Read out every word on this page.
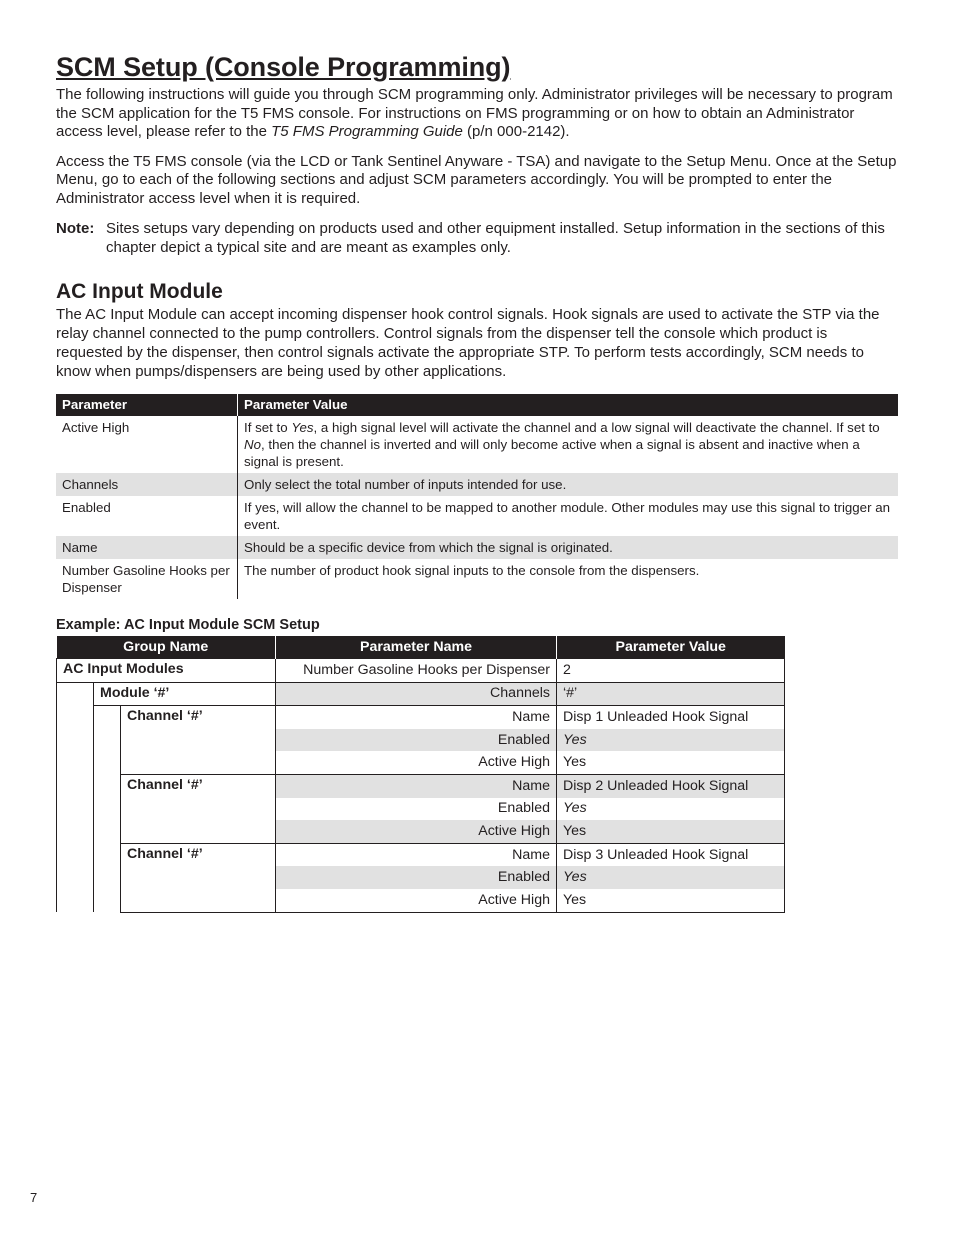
SCM Setup (Console Programming)

The following instructions will guide you through SCM programming only. Administrator privileges will be necessary to program the SCM application for the T5 FMS console. For instructions on FMS programming or on how to obtain an Administrator access level, please refer to the T5 FMS Programming Guide (p/n 000-2142).

Access the T5 FMS console (via the LCD or Tank Sentinel Anyware - TSA) and navigate to the Setup Menu. Once at the Setup Menu, go to each of the following sections and adjust SCM parameters accordingly. You will be prompted to enter the Administrator access level when it is required.

Note: Sites setups vary depending on products used and other equipment installed. Setup information in the sections of this chapter depict a typical site and are meant as examples only.
AC Input Module

The AC Input Module can accept incoming dispenser hook control signals. Hook signals are used to activate the STP via the relay channel connected to the pump controllers. Control signals from the dispenser tell the console which product is requested by the dispenser, then control signals activate the appropriate STP. To perform tests accordingly, SCM needs to know when pumps/dispensers are being used by other applications.

Parameter	Parameter Value
Active High	If set to Yes, a high signal level will activate the channel and a low signal will deactivate the channel. If set to No, then the channel is inverted and will only become active when a signal is absent and inactive when a signal is present.
Channels	Only select the total number of inputs intended for use.
Enabled	If yes, will allow the channel to be mapped to another module. Other modules may use this signal to trigger an event.
Name	Should be a specific device from which the signal is originated.
Number Gasoline Hooks per Dispenser	The number of product hook signal inputs to the console from the dispensers.
Example: AC Input Module SCM Setup
Group Name			Parameter Name	Parameter Value
AC Input Modules			Number Gasoline Hooks per Dispenser	2
	Module ‘#’		Channels	‘#’
		Channel ‘#’	Name	Disp 1 Unleaded Hook Signal
			Enabled	Yes
			Active High	Yes
		Channel ‘#’	Name	Disp 2 Unleaded Hook Signal
			Enabled	Yes
			Active High	Yes
		Channel ‘#’	Name	Disp 3 Unleaded Hook Signal
			Enabled	Yes
			Active High	Yes
7
